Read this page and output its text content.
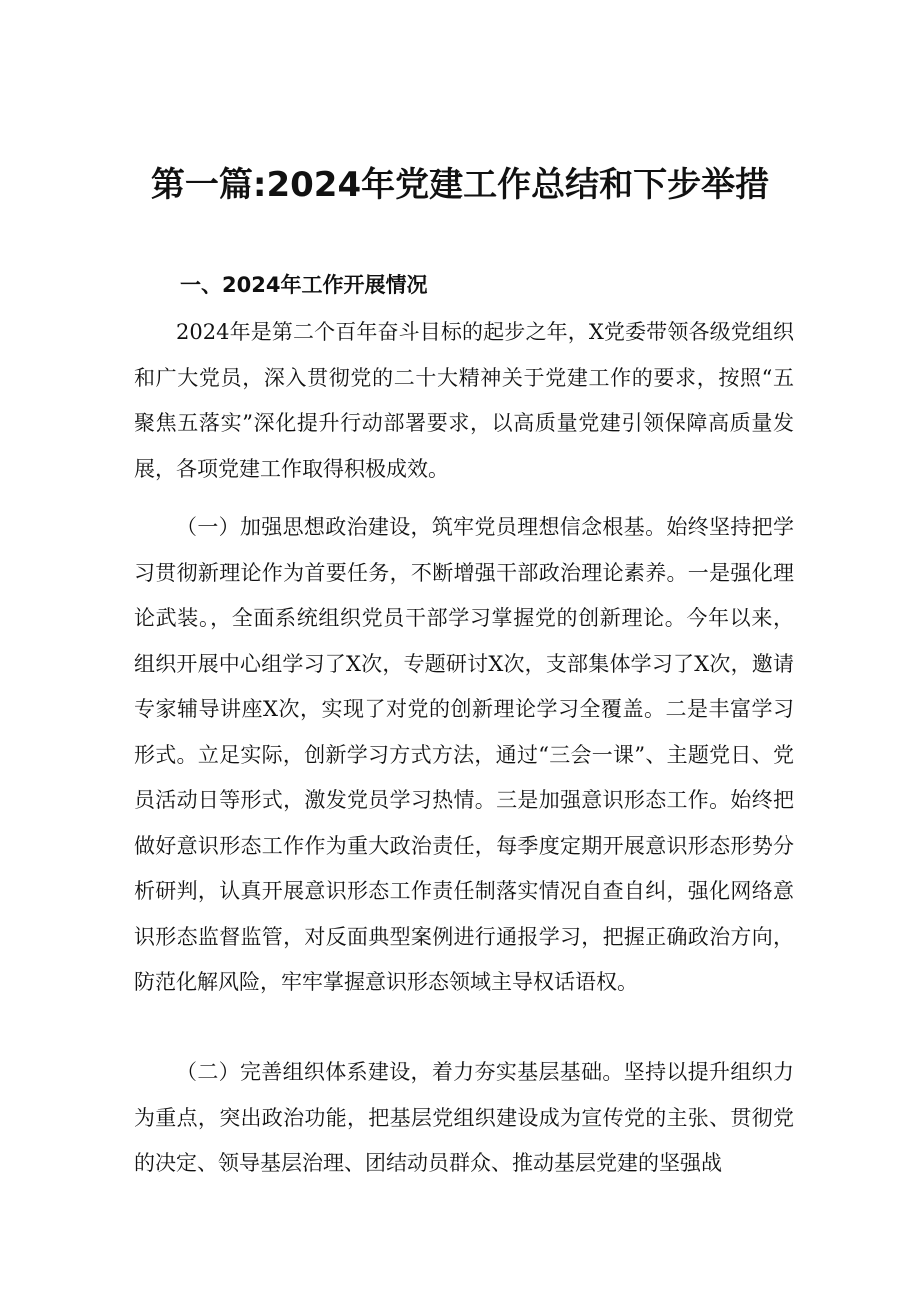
第一篇:2024年党建工作总结和下步举措
一、2024年工作开展情况

2024年是第二个百年奋斗目标的起步之年，X党委带领各级党组织和广大党员，深入贯彻党的二十大精神关于党建工作的要求，按照“五聚焦五落实”深化提升行动部署要求，以高质量党建引领保障高质量发展，各项党建工作取得积极成效。

（一）加强思想政治建设，筑牢党员理想信念根基。始终坚持把学习贯彻新理论作为首要任务，不断增强干部政治理论素养。一是强化理论武装。，全面系统组织党员干部学习掌握党的创新理论。今年以来，组织开展中心组学习了X次，专题研讨X次，支部集体学习了X次，邀请专家辅导讲座X次，实现了对党的创新理论学习全覆盖。二是丰富学习形式。立足实际，创新学习方式方法，通过“三会一课”、主题党日、党员活动日等形式，激发党员学习热情。三是加强意识形态工作。始终把做好意识形态工作作为重大政治责任，每季度定期开展意识形态形势分析研判，认真开展意识形态工作责任制落实情况自查自纠，强化网络意识形态监督监管，对反面典型案例进行通报学习，把握正确政治方向，防范化解风险，牢牢掌握意识形态领域主导权话语权。

（二）完善组织体系建设，着力夯实基层基础。坚持以提升组织力为重点，突出政治功能，把基层党组织建设成为宣传党的主张、贯彻党的决定、领导基层治理、团结动员群众、推动基层党建的坚强战
